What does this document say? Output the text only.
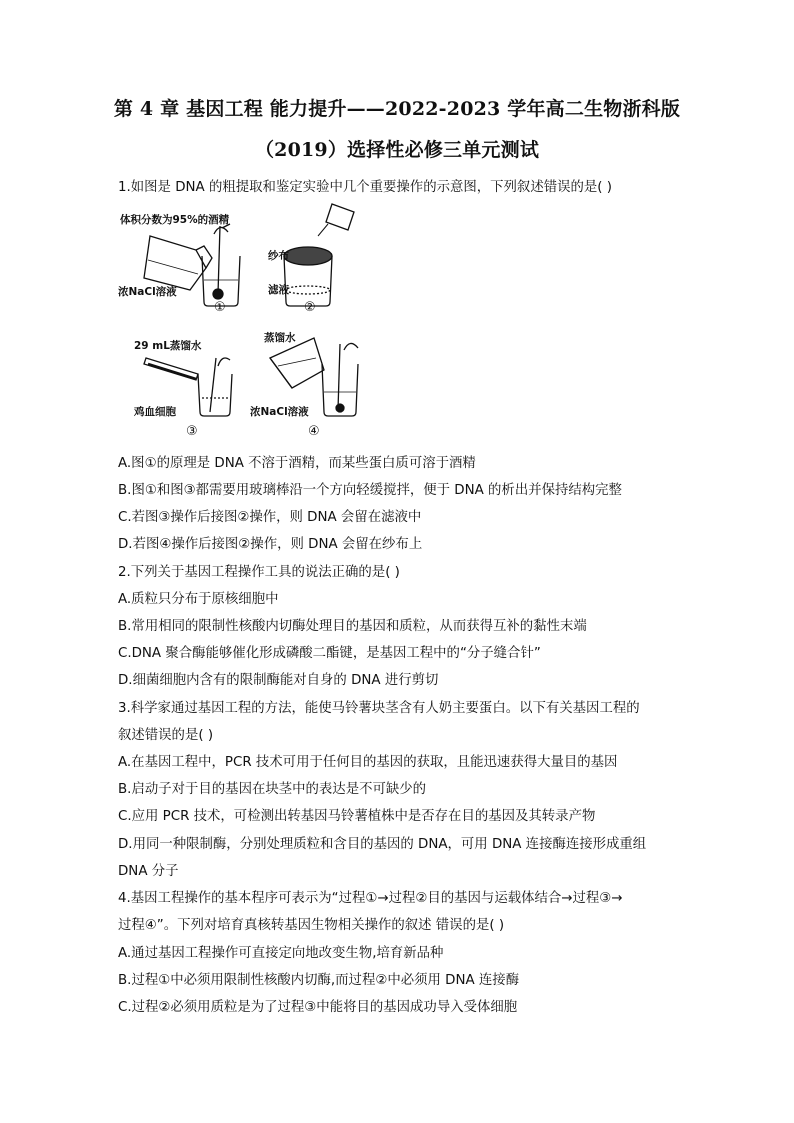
第 4 章 基因工程 能力提升——2022-2023 学年高二生物浙科版
（2019）选择性必修三单元测试
1.如图是 DNA 的粗提取和鉴定实验中几个重要操作的示意图，下列叙述错误的是( )
体积分数为95%的酒精
浓NaCl溶液
①
纱布
滤液
②
29 mL蒸馏水
鸡血细胞
③
蒸馏水
浓NaCl溶液
④
A.图①的原理是 DNA 不溶于酒精，而某些蛋白质可溶于酒精
B.图①和图③都需要用玻璃棒沿一个方向轻缓搅拌，便于 DNA 的析出并保持结构完整
C.若图③操作后接图②操作，则 DNA 会留在滤液中
D.若图④操作后接图②操作，则 DNA 会留在纱布上
2.下列关于基因工程操作工具的说法正确的是( )
A.质粒只分布于原核细胞中
B.常用相同的限制性核酸内切酶处理目的基因和质粒，从而获得互补的黏性末端
C.DNA 聚合酶能够催化形成磷酸二酯键，是基因工程中的“分子缝合针”
D.细菌细胞内含有的限制酶能对自身的 DNA 进行剪切
3.科学家通过基因工程的方法，能使马铃薯块茎含有人奶主要蛋白。以下有关基因工程的
叙述错误的是( )
A.在基因工程中，PCR 技术可用于任何目的基因的获取，且能迅速获得大量目的基因
B.启动子对于目的基因在块茎中的表达是不可缺少的
C.应用 PCR 技术，可检测出转基因马铃薯植株中是否存在目的基因及其转录产物
D.用同一种限制酶，分别处理质粒和含目的基因的 DNA，可用 DNA 连接酶连接形成重组
DNA 分子
4.基因工程操作的基本程序可表示为“过程①→过程②目的基因与运载体结合→过程③→
过程④”。下列对培育真核转基因生物相关操作的叙述 错误的是( )
A.通过基因工程操作可直接定向地改变生物,培育新品种
B.过程①中必须用限制性核酸内切酶,而过程②中必须用 DNA 连接酶
C.过程②必须用质粒是为了过程③中能将目的基因成功导入受体细胞
